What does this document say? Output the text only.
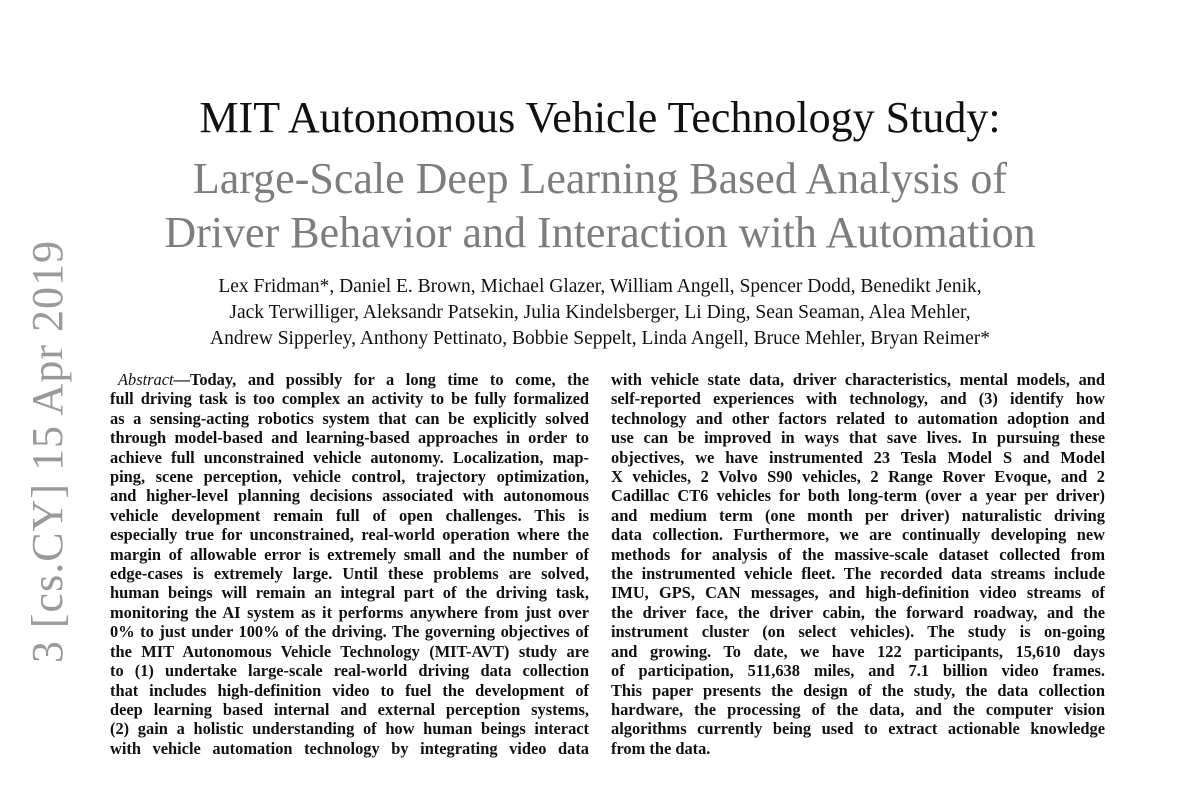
3 [cs.CY] 15 Apr 2019
MIT Autonomous Vehicle Technology Study:
Large-Scale Deep Learning Based Analysis of
Driver Behavior and Interaction with Automation
Lex Fridman*, Daniel E. Brown, Michael Glazer, William Angell, Spencer Dodd, Benedikt Jenik,
Jack Terwilliger, Aleksandr Patsekin, Julia Kindelsberger, Li Ding, Sean Seaman, Alea Mehler,
Andrew Sipperley, Anthony Pettinato, Bobbie Seppelt, Linda Angell, Bruce Mehler, Bryan Reimer*
Abstract—Today, and possibly for a long time to come, the
full driving task is too complex an activity to be fully formalized
as a sensing-acting robotics system that can be explicitly solved
through model-based and learning-based approaches in order to
achieve full unconstrained vehicle autonomy. Localization, map-
ping, scene perception, vehicle control, trajectory optimization,
and higher-level planning decisions associated with autonomous
vehicle development remain full of open challenges. This is
especially true for unconstrained, real-world operation where the
margin of allowable error is extremely small and the number of
edge-cases is extremely large. Until these problems are solved,
human beings will remain an integral part of the driving task,
monitoring the AI system as it performs anywhere from just over
0% to just under 100% of the driving. The governing objectives of
the MIT Autonomous Vehicle Technology (MIT-AVT) study are
to (1) undertake large-scale real-world driving data collection
that includes high-definition video to fuel the development of
deep learning based internal and external perception systems,
(2) gain a holistic understanding of how human beings interact
with vehicle automation technology by integrating video data
with vehicle state data, driver characteristics, mental models, and
self-reported experiences with technology, and (3) identify how
technology and other factors related to automation adoption and
use can be improved in ways that save lives. In pursuing these
objectives, we have instrumented 23 Tesla Model S and Model
X vehicles, 2 Volvo S90 vehicles, 2 Range Rover Evoque, and 2
Cadillac CT6 vehicles for both long-term (over a year per driver)
and medium term (one month per driver) naturalistic driving
data collection. Furthermore, we are continually developing new
methods for analysis of the massive-scale dataset collected from
the instrumented vehicle fleet. The recorded data streams include
IMU, GPS, CAN messages, and high-definition video streams of
the driver face, the driver cabin, the forward roadway, and the
instrument cluster (on select vehicles). The study is on-going
and growing. To date, we have 122 participants, 15,610 days
of participation, 511,638 miles, and 7.1 billion video frames.
This paper presents the design of the study, the data collection
hardware, the processing of the data, and the computer vision
algorithms currently being used to extract actionable knowledge
from the data.
